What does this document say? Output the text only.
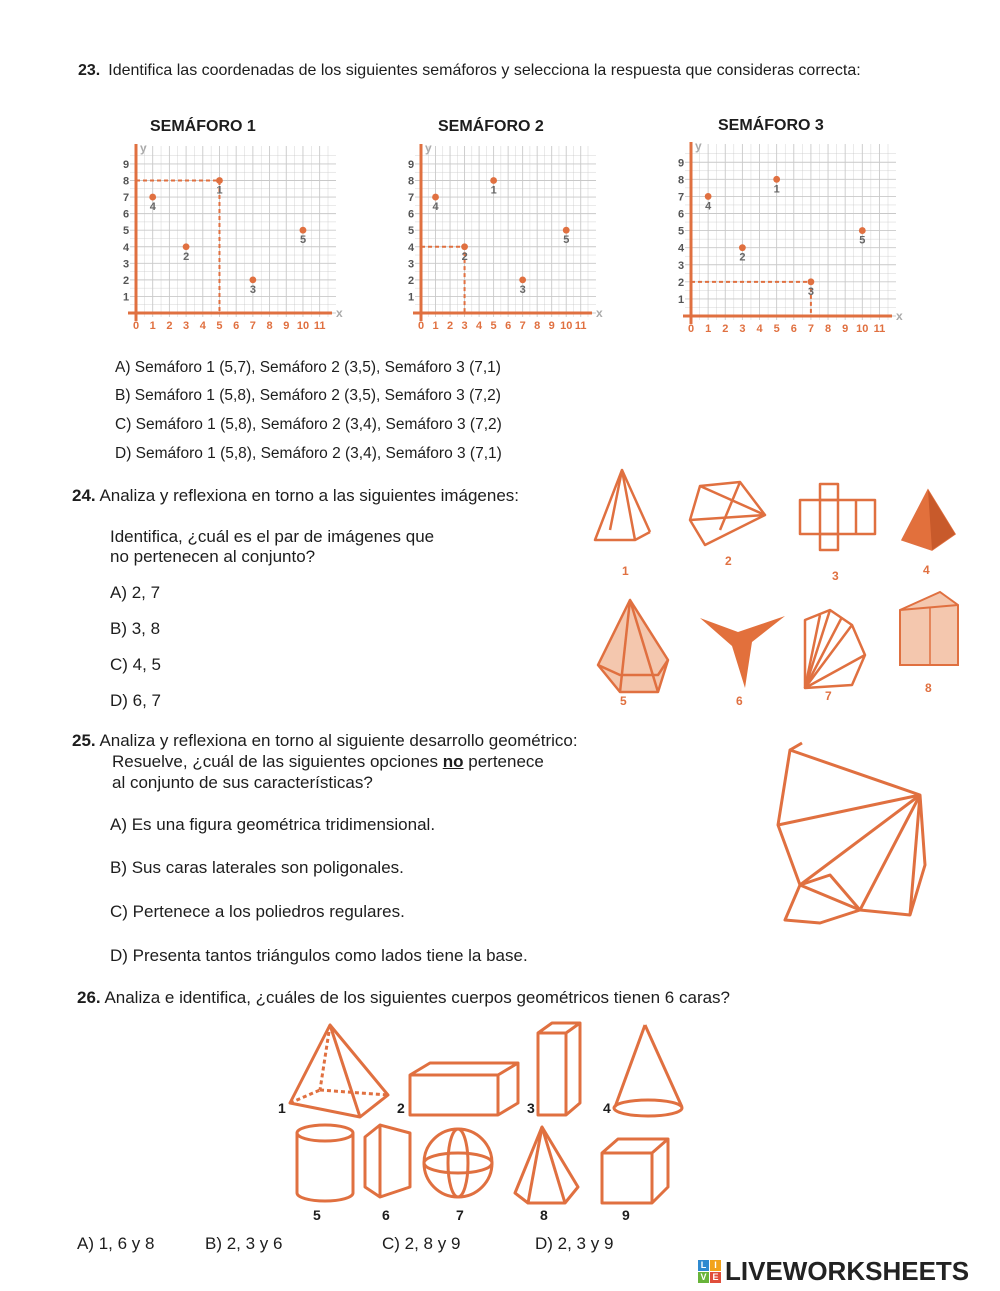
23. Identifica las coordenadas de los siguientes semáforos y selecciona la respuesta que consideras correcta:
SEMÁFORO 1	SEMÁFORO 2	SEMÁFORO 3
y
x
0 1 2 3 4 5 6 7 8 9 10 11
1
2
3
4
5
6
7
8
9
1
2
3
4
5
y
x
0 1 2 3 4 5 6 7 8 9 10 11
1
2
3
4
5
6
7
8
9
1
2
3
4
5
y
x
0 1 2 3 4 5 6 7 8 9 10 11
1
2
3
4
5
6
7
8
9
1
2
3
4
5
A) Semáforo 1 (5,7), Semáforo 2 (3,5), Semáforo 3 (7,1)
B) Semáforo 1 (5,8), Semáforo 2 (3,5), Semáforo 3 (7,2)
C) Semáforo 1 (5,8), Semáforo 2 (3,4), Semáforo 3 (7,2)
D) Semáforo 1 (5,8), Semáforo 2 (3,4), Semáforo 3 (7,1)
24. Analiza y reflexiona en torno a las siguientes imágenes:
Identifica, ¿cuál es el par de imágenes que
no pertenecen al conjunto?
A) 2, 7
B) 3, 8
C) 4, 5
D) 6, 7
1
2
3	4
5	6	7
8
25. Analiza y reflexiona en torno al siguiente desarrollo geométrico:
Resuelve, ¿cuál de las siguientes opciones no pertenece
al conjunto de sus características?
A) Es una figura geométrica tridimensional.
B) Sus caras laterales son poligonales.
C) Pertenece a los poliedros regulares.
D) Presenta tantos triángulos como lados tiene la base.
26. Analiza e identifica, ¿cuáles de los siguientes cuerpos geométricos tienen 6 caras?
1	2	3	4
5	6	7	8	9
A) 1, 6 y 8	B) 2, 3 y 6	C) 2, 8 y 9	D) 2, 3 y 9
L I
V E LIVEWORKSHEETS
